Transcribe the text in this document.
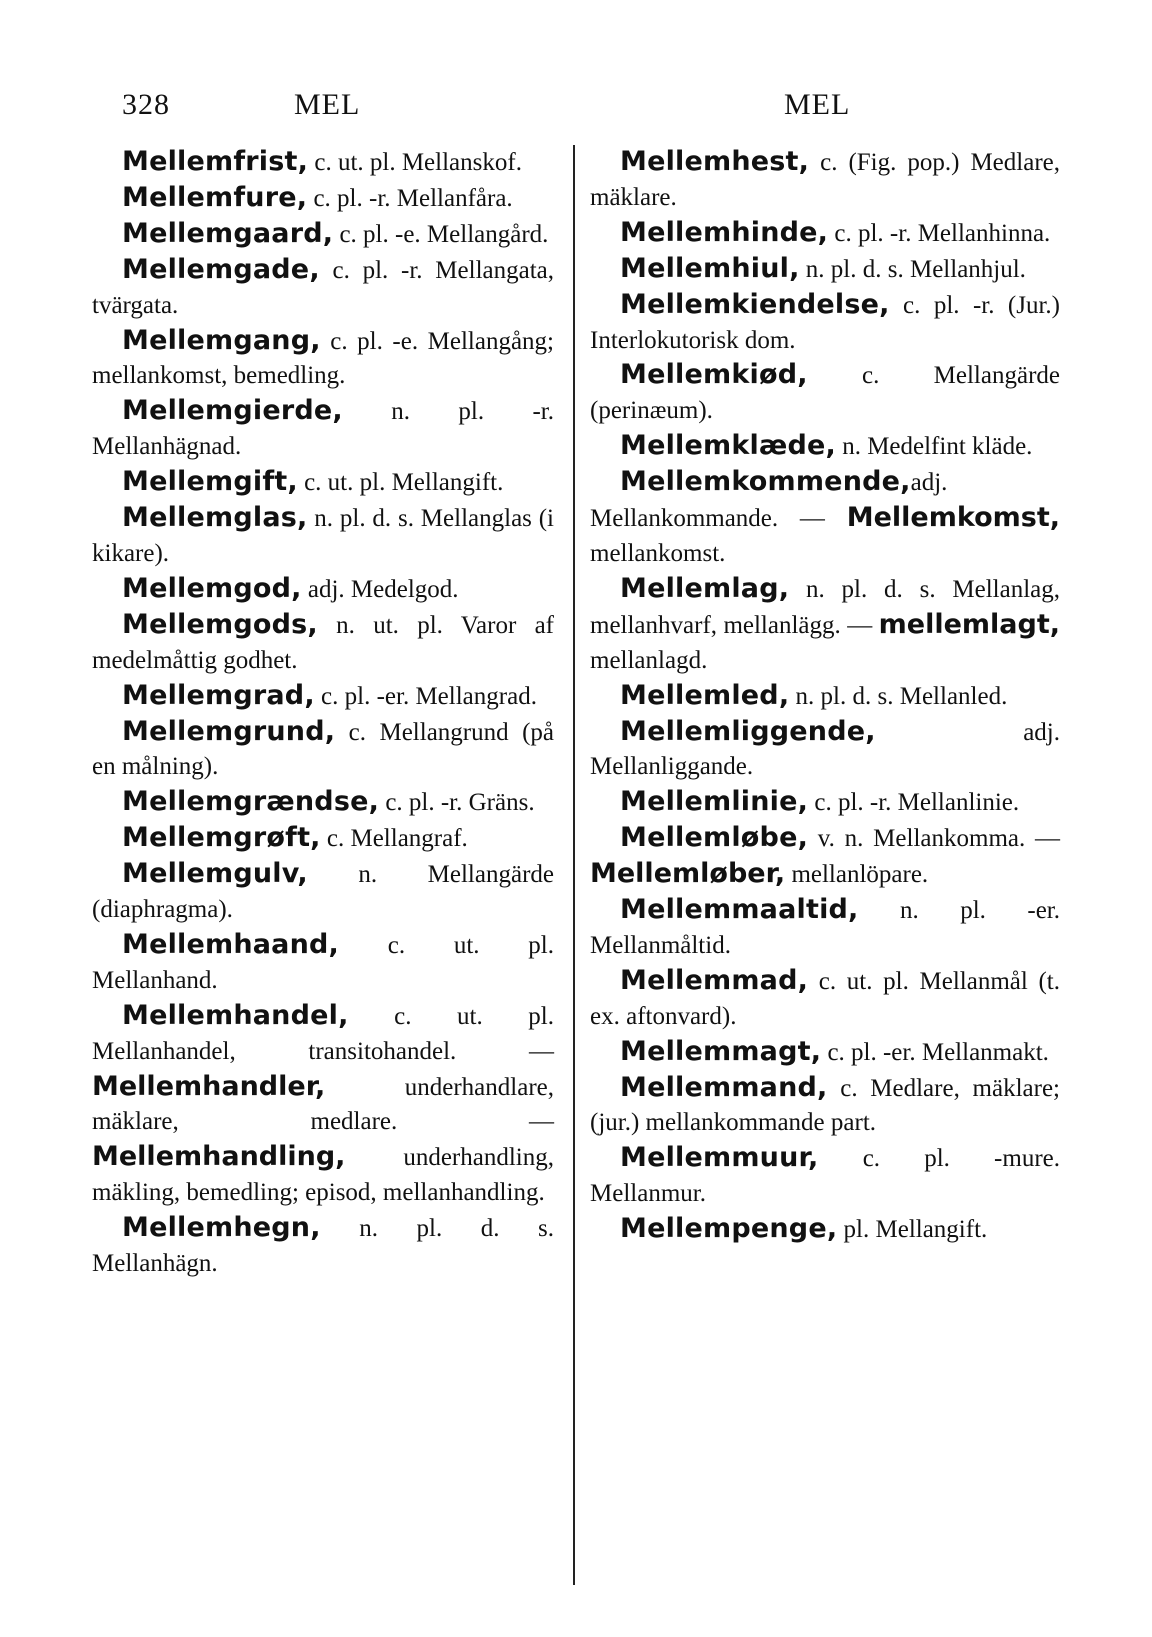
328	MEL	MEL

Mellemfrist, c. ut. pl. Mellanskof.

Mellemfure, c. pl. -r. Mellanfåra.

Mellemgaard, c. pl. -e. Mellangård.

Mellemgade, c. pl. -r. Mellangata, tvärgata.

Mellemgang, c. pl. -e. Mellangång; mellankomst, bemedling.

Mellemgierde, n. pl. -r. Mellanhägnad.

Mellemgift, c. ut. pl. Mellangift.

Mellemglas, n. pl. d. s. Mellanglas (i kikare).

Mellemgod, adj. Medelgod.

Mellemgods, n. ut. pl. Varor af medelmåttig godhet.

Mellemgrad, c. pl. -er. Mellangrad.

Mellemgrund, c. Mellangrund (på en målning).

Mellemgrændse, c. pl. -r. Gräns.

Mellemgrøft, c. Mellangraf.

Mellemgulv, n. Mellangärde (diaphragma).

Mellemhaand, c. ut. pl. Mellanhand.

Mellemhandel, c. ut. pl. Mellanhandel, transitohandel. — Mellemhandler, underhandlare, mäklare, medlare. — Mellemhandling, underhandling, mäkling, bemedling; episod, mellanhandling.

Mellemhegn, n. pl. d. s. Mellanhägn.

Mellemhest, c. (Fig. pop.) Medlare, mäklare.

Mellemhinde, c. pl. -r. Mellanhinna.

Mellemhiul, n. pl. d. s. Mellanhjul.

Mellemkiendelse, c. pl. -r. (Jur.) Interlokutorisk dom.

Mellemkiød, c. Mellangärde (perinæum).

Mellemklæde, n. Medelfint kläde.

Mellemkommende,adj. Mellankommande. — Mellemkomst, mellankomst.

Mellemlag, n. pl. d. s. Mellanlag, mellanhvarf, mellanlägg. — mellemlagt, mellanlagd.

Mellemled, n. pl. d. s. Mellanled.

Mellemliggende, adj. Mellanliggande.

Mellemlinie, c. pl. -r. Mellanlinie.

Mellemløbe, v. n. Mellankomma. — Mellemløber, mellanlöpare.

Mellemmaaltid, n. pl. -er. Mellanmåltid.

Mellemmad, c. ut. pl. Mellanmål (t. ex. aftonvard).

Mellemmagt, c. pl. -er. Mellanmakt.

Mellemmand, c. Medlare, mäklare; (jur.) mellankommande part.

Mellemmuur, c. pl. -mure. Mellanmur.

Mellempenge, pl. Mellangift.
